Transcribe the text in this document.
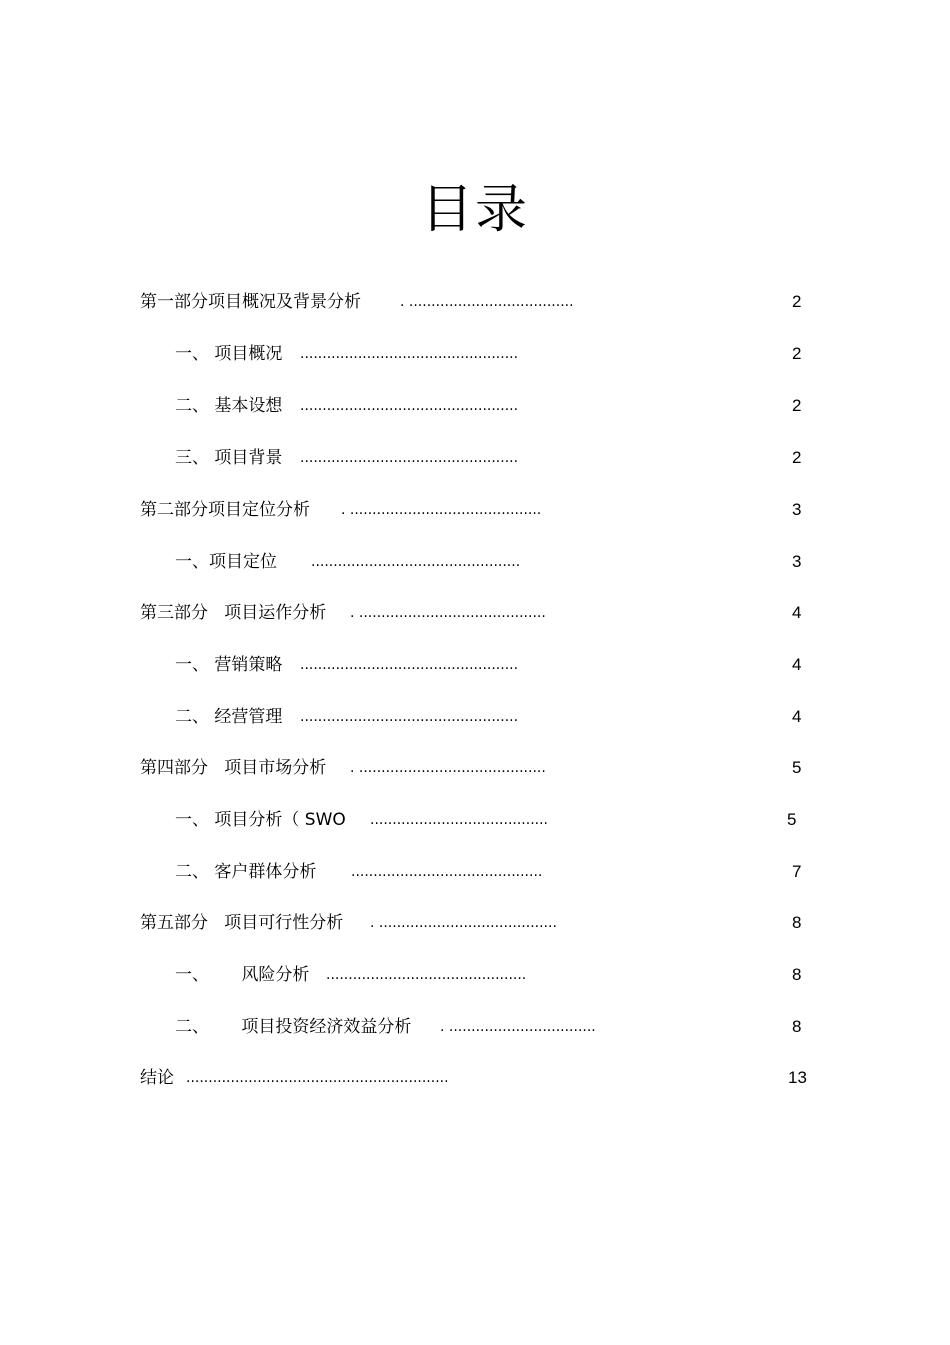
目录
第一部分项目概况及背景分析	. .....................................	2
一、 项目概况 .................................................	2
二、 基本设想 .................................................	2
三、 项目背景 .................................................	2
第二部分项目定位分析 . ...........................................	3
一、项目定位 ...............................................	3
第三部分   项目运作分析 . ..........................................	4
一、 营销策略 .................................................	4
二、 经营管理 .................................................	4
第四部分   项目市场分析 . ..........................................	5
一、 项目分析（ SWO ........................................	5
二、 客户群体分析 ...........................................	7
第五部分   项目可行性分析 . ........................................	8
一、      风险分析 .............................................	8
二、      项目投资经济效益分析 . .................................	8
结论 ...........................................................	13
